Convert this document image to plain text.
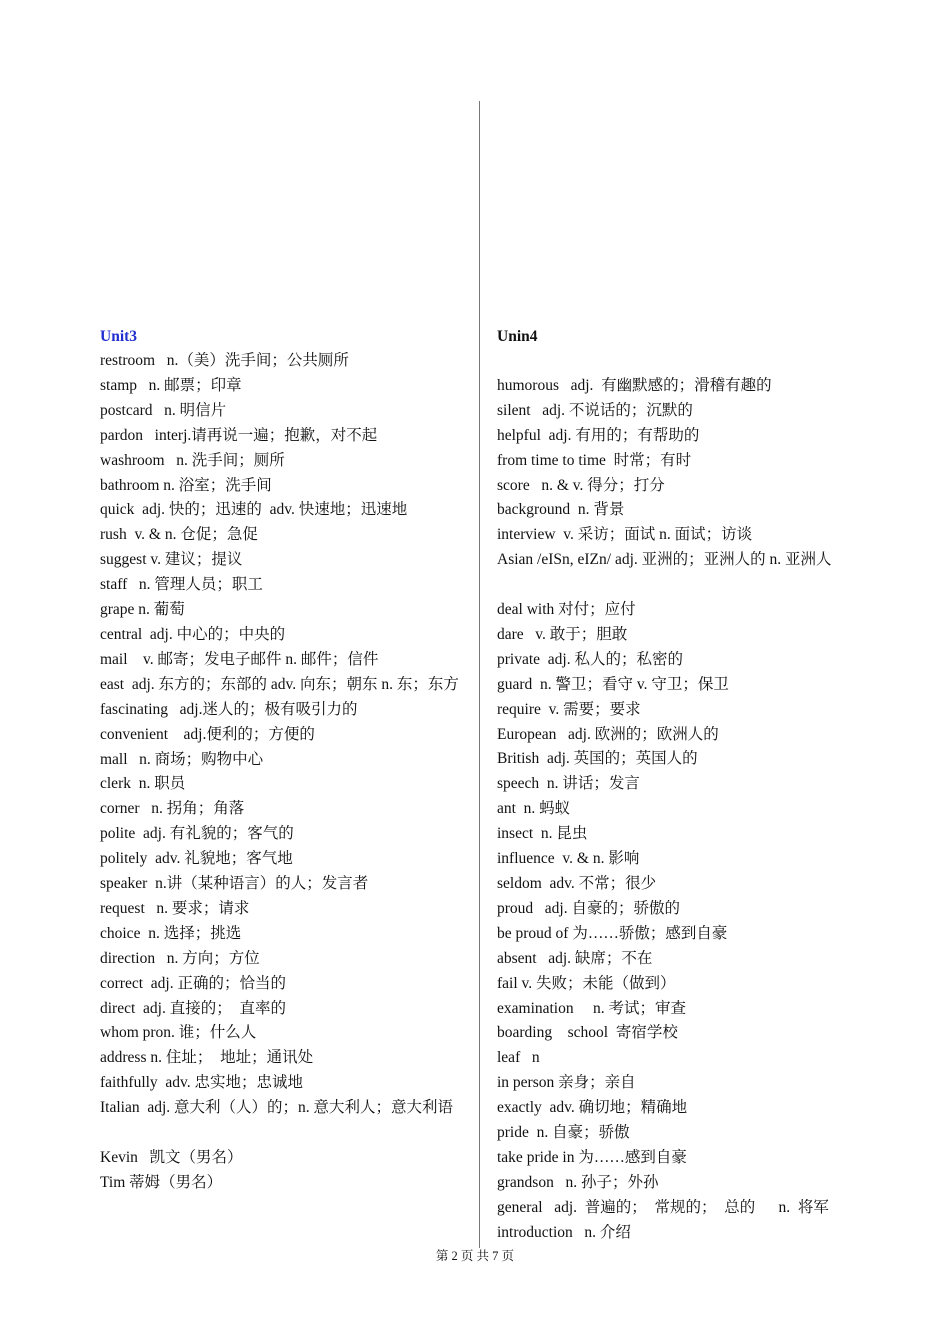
Unit3
restroom   n.（美）洗手间；公共厕所
stamp   n. 邮票；印章
postcard   n. 明信片
pardon   interj.请再说一遍；抱歉，对不起
washroom   n. 洗手间；厕所
bathroom n. 浴室；洗手间
quick  adj. 快的；迅速的  adv. 快速地；迅速地
rush  v. & n. 仓促；急促
suggest v. 建议；提议
staff   n. 管理人员；职工
grape n. 葡萄
central  adj. 中心的；中央的
mail    v. 邮寄；发电子邮件 n. 邮件；信件
east  adj. 东方的；东部的 adv. 向东；朝东 n. 东；东方
fascinating   adj.迷人的；极有吸引力的
convenient    adj.便利的；方便的
mall   n. 商场；购物中心
clerk  n. 职员
corner   n. 拐角；角落
polite  adj. 有礼貌的；客气的
politely  adv. 礼貌地；客气地
speaker  n.讲（某种语言）的人；发言者
request   n. 要求；请求
choice  n. 选择；挑选
direction   n. 方向；方位
correct  adj. 正确的；恰当的
direct  adj. 直接的；  直率的
whom pron. 谁；什么人
address n. 住址；  地址；通讯处
faithfully  adv. 忠实地；忠诚地
Italian  adj. 意大利（人）的；n. 意大利人；意大利语
Kevin   凯文（男名）
Tim 蒂姆（男名）
Unin4
humorous   adj.  有幽默感的；滑稽有趣的
silent   adj. 不说话的；沉默的
helpful  adj. 有用的；有帮助的
from time to time  时常；有时
score   n. & v. 得分；打分
background  n. 背景
interview  v. 采访；面试 n. 面试；访谈
Asian /eISn, eIZn/ adj. 亚洲的；亚洲人的 n. 亚洲人
deal with 对付；应付
dare   v. 敢于；胆敢
private  adj. 私人的；私密的
guard  n. 警卫；看守 v. 守卫；保卫
require  v. 需要；要求
European   adj. 欧洲的；欧洲人的
British  adj. 英国的；英国人的
speech  n. 讲话；发言
ant  n. 蚂蚁
insect  n. 昆虫
influence  v. & n. 影响
seldom  adv. 不常；很少
proud   adj. 自豪的；骄傲的
be proud of 为……骄傲；感到自豪
absent   adj. 缺席；不在
fail v. 失败；未能（做到）
examination     n. 考试；审查
boarding    school  寄宿学校
leaf   n
in person 亲身；亲自
exactly  adv. 确切地；精确地
pride  n. 自豪；骄傲
take pride in 为……感到自豪
grandson   n. 孙子；外孙
general   adj.  普遍的；  常规的；  总的      n.  将军
introduction   n. 介绍
第 2 页 共 7 页
